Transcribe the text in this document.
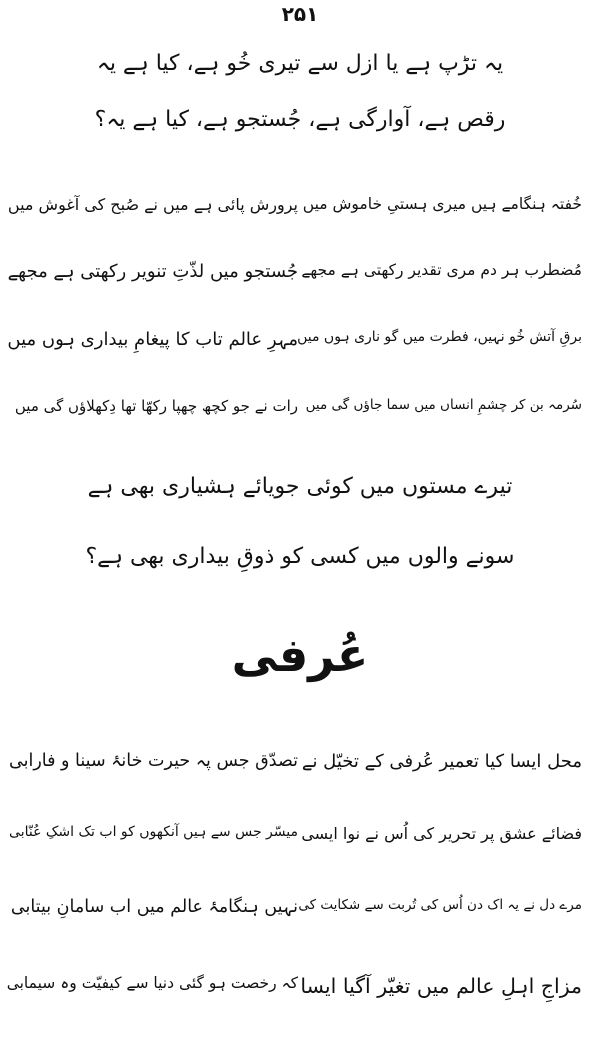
۲۵۱
یہ تڑپ ہے یا ازل سے تیری خُو ہے، کیا ہے یہ
رقص ہے، آوارگی ہے، جُستجو ہے، کیا ہے یہ؟
خُفتہ ہنگامے ہیں میری ہستیِ خاموش میں
پرورش پائی ہے میں نے صُبح کی آغوش میں
مُضطرب ہر دم مری تقدیر رکھتی ہے مجھے
جُستجو میں لذّتِ تنویر رکھتی ہے مجھے
برقِ آتش خُو نہیں، فطرت میں گو ناری ہوں میں
مہرِ عالم تاب کا پیغامِ بیداری ہوں میں
سُرمہ بن کر چشمِ انساں میں سما جاؤں گی میں
رات نے جو کچھ چھپا رکھّا تھا دِکھلاؤں گی میں
تیرے مستوں میں کوئی جویائے ہشیاری بھی ہے
سونے والوں میں کسی کو ذوقِ بیداری بھی ہے؟
عُرفی
محل ایسا کیا تعمیر عُرفی کے تخیّل نے
تصدّق جس پہ حیرت خانۂ سینا و فارابی
فضائے عشق پر تحریر کی اُس نے نوا ایسی
میسّر جس سے ہیں آنکھوں کو اب تک اشکِ عُنّابی
مرے دل نے یہ اک دن اُس کی تُربت سے شکایت کی
نہیں ہنگامۂ عالم میں اب سامانِ بیتابی
مزاجِ اہلِ عالم میں تغیّر آگیا ایسا
کہ رخصت ہو گئی دنیا سے کیفیّت وہ سیمابی
